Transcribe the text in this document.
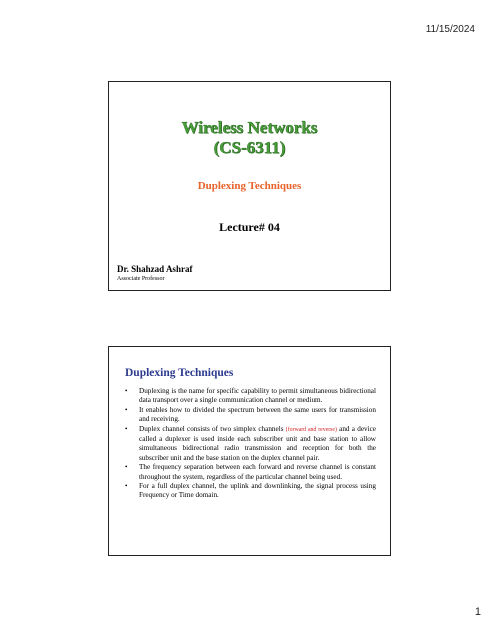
11/15/2024
Wireless Networks
(CS-6311)
Duplexing Techniques
Lecture# 04
Dr. Shahzad Ashraf
Associate Professor
Duplexing Techniques
• Duplexing is the name for specific capability to permit simultaneous bidirectional data transport over a single communication channel or medium.
• It enables how to divided the spectrum between the same users for transmission and receiving.
• Duplex channel consists of two simplex channels (forward and reverse) and a device called a duplexer is used inside each subscriber unit and base station to allow simultaneous bidirectional radio transmission and reception for both the subscriber unit and the base station on the duplex channel pair.
• The frequency separation between each forward and reverse channel is constant throughout the system, regardless of the particular channel being used.
• For a full duplex channel, the uplink and downlinking, the signal process using Frequency or Time domain.
1
